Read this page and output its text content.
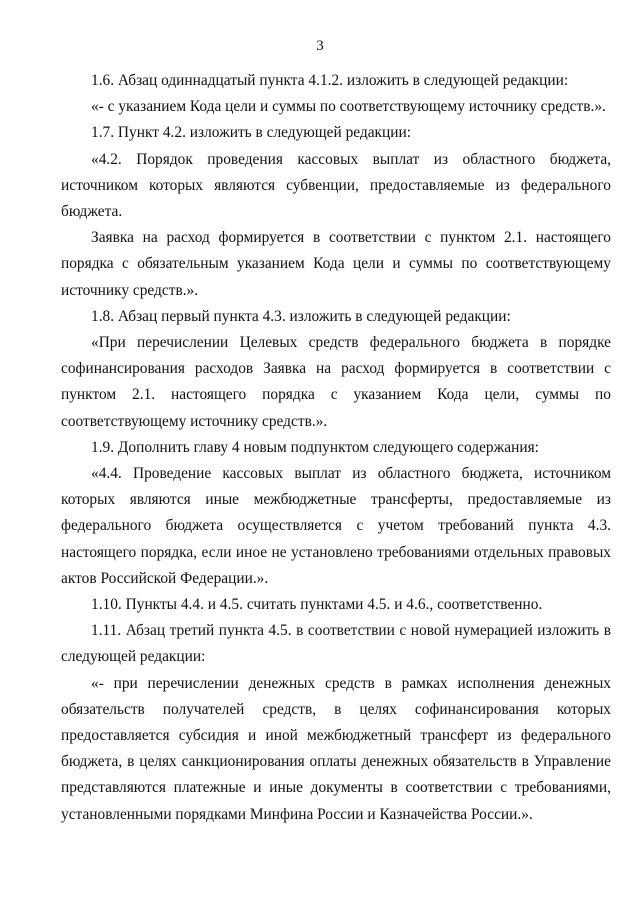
3

1.6. Абзац одиннадцатый пункта 4.1.2. изложить в следующей редакции:

«- с указанием Кода цели и суммы по соответствующему источнику средств.».

1.7. Пункт 4.2. изложить в следующей редакции:

«4.2. Порядок проведения кассовых выплат из областного бюджета, источником которых являются субвенции, предоставляемые из федерального бюджета.

Заявка на расход формируется в соответствии с пунктом 2.1. настоящего порядка с обязательным указанием Кода цели и суммы по соответствующему источнику средств.».

1.8. Абзац первый пункта 4.3. изложить в следующей редакции:

«При перечислении Целевых средств федерального бюджета в порядке софинансирования расходов Заявка на расход формируется в соответствии с пунктом 2.1. настоящего порядка с указанием Кода цели, суммы по соответствующему источнику средств.».

1.9. Дополнить главу 4 новым подпунктом следующего содержания:

«4.4. Проведение кассовых выплат из областного бюджета, источником которых являются иные межбюджетные трансферты, предоставляемые из федерального бюджета осуществляется с учетом требований пункта 4.3. настоящего порядка, если иное не установлено требованиями отдельных правовых актов Российской Федерации.».

1.10. Пункты 4.4. и 4.5. считать пунктами 4.5. и 4.6., соответственно.

1.11. Абзац третий пункта 4.5. в соответствии с новой нумерацией изложить в следующей редакции:

«- при перечислении денежных средств в рамках исполнения денежных обязательств получателей средств, в целях софинансирования которых предоставляется субсидия и иной межбюджетный трансферт из федерального бюджета, в целях санкционирования оплаты денежных обязательств в Управление представляются платежные и иные документы в соответствии с требованиями, установленными порядками Минфина России и Казначейства России.».
